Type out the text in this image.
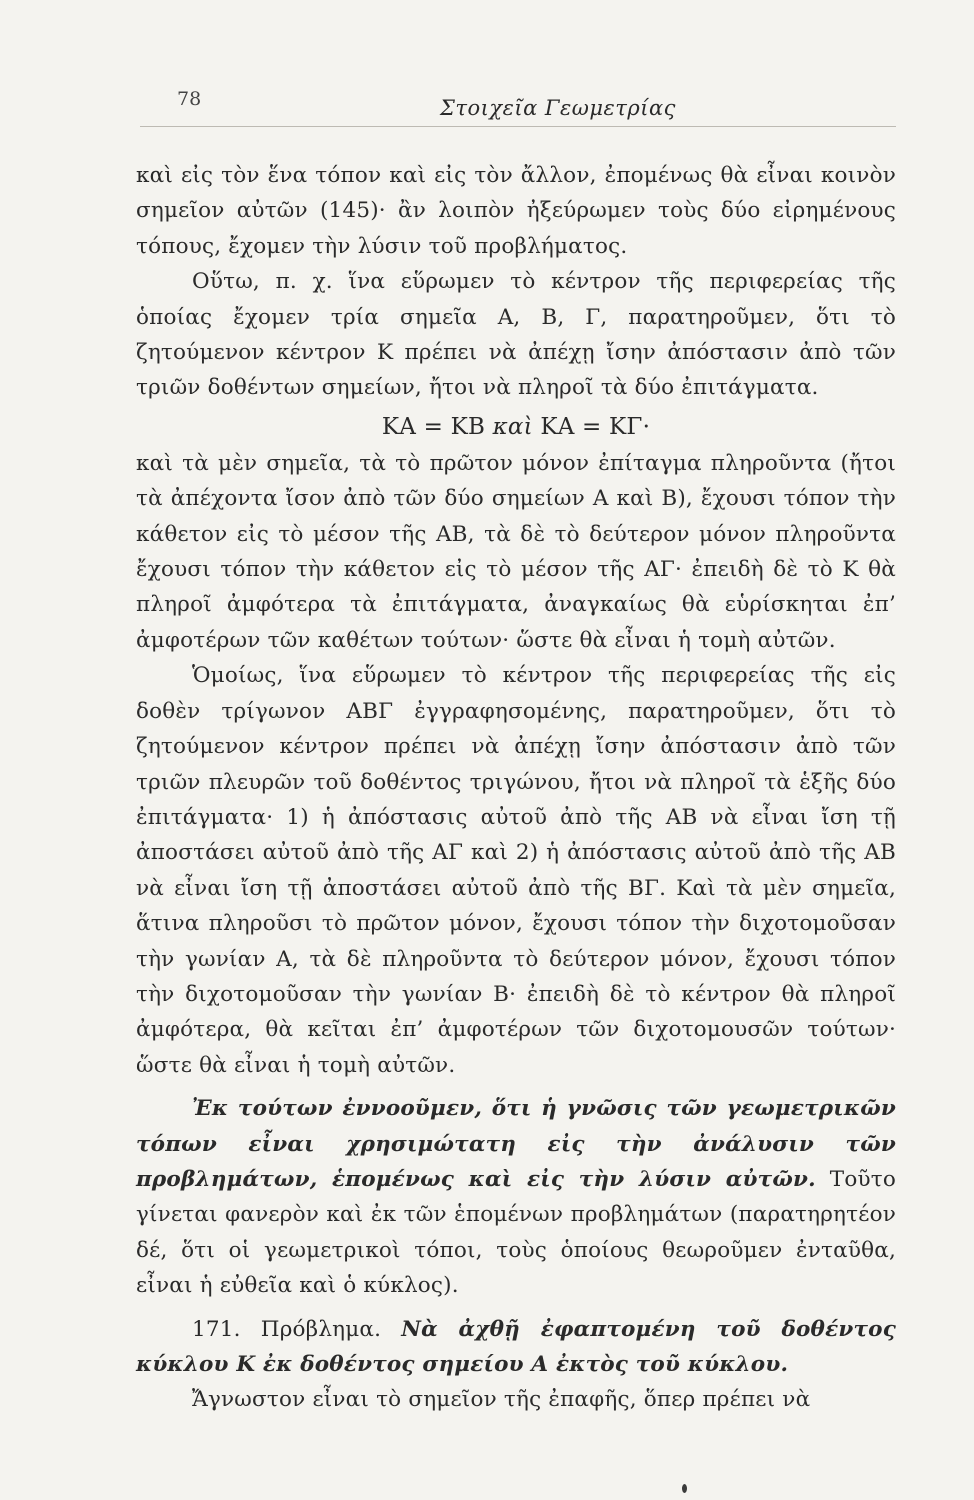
78	Στοιχεῖα Γεωμετρίας

καὶ εἰς τὸν ἕνα τόπον καὶ εἰς τὸν ἄλλον, ἐπομένως θὰ εἶναι κοινὸν σημεῖον αὐτῶν (145)· ἂν λοιπὸν ἠξεύρωμεν τοὺς δύο εἰρημένους τόπους, ἔχομεν τὴν λύσιν τοῦ προβλήματος.

Οὕτω, π. χ. ἵνα εὕρωμεν τὸ κέντρον τῆς περιφερείας τῆς ὁποίας ἔχομεν τρία σημεῖα Α, Β, Γ, παρατηροῦμεν, ὅτι τὸ ζητούμενον κέντρον Κ πρέπει νὰ ἀπέχῃ ἴσην ἀπόστασιν ἀπὸ τῶν τριῶν δοθέντων σημείων, ἤτοι νὰ πληροῖ τὰ δύο ἐπιτάγματα.

ΚΑ = ΚΒ καὶ ΚΑ = ΚΓ·

καὶ τὰ μὲν σημεῖα, τὰ τὸ πρῶτον μόνον ἐπίταγμα πληροῦντα (ἤτοι τὰ ἀπέχοντα ἴσον ἀπὸ τῶν δύο σημείων Α καὶ Β), ἔχουσι τόπον τὴν κάθετον εἰς τὸ μέσον τῆς ΑΒ, τὰ δὲ τὸ δεύτερον μόνον πληροῦντα ἔχουσι τόπον τὴν κάθετον εἰς τὸ μέσον τῆς ΑΓ· ἐπειδὴ δὲ τὸ Κ θὰ πληροῖ ἀμφότερα τὰ ἐπιτάγματα, ἀναγκαίως θὰ εὑρίσκηται ἐπ’ ἀμφοτέρων τῶν καθέτων τούτων· ὥστε θὰ εἶναι ἡ τομὴ αὐτῶν.

Ὁμοίως, ἵνα εὕρωμεν τὸ κέντρον τῆς περιφερείας τῆς εἰς δοθὲν τρίγωνον ΑΒΓ ἐγγραφησομένης, παρατηροῦμεν, ὅτι τὸ ζητούμενον κέντρον πρέπει νὰ ἀπέχῃ ἴσην ἀπόστασιν ἀπὸ τῶν τριῶν πλευρῶν τοῦ δοθέντος τριγώνου, ἤτοι νὰ πληροῖ τὰ ἑξῆς δύο ἐπιτάγματα· 1) ἡ ἀπόστασις αὐτοῦ ἀπὸ τῆς ΑΒ νὰ εἶναι ἴση τῇ ἀποστάσει αὐτοῦ ἀπὸ τῆς ΑΓ καὶ 2) ἡ ἀπόστασις αὐτοῦ ἀπὸ τῆς ΑΒ νὰ εἶναι ἴση τῇ ἀποστάσει αὐτοῦ ἀπὸ τῆς ΒΓ. Καὶ τὰ μὲν σημεῖα, ἅτινα πληροῦσι τὸ πρῶτον μόνον, ἔχουσι τόπον τὴν διχοτομοῦσαν τὴν γωνίαν Α, τὰ δὲ πληροῦντα τὸ δεύτερον μόνον, ἔχουσι τόπον τὴν διχοτομοῦσαν τὴν γωνίαν Β· ἐπειδὴ δὲ τὸ κέντρον θὰ πληροῖ ἀμφότερα, θὰ κεῖται ἐπ’ ἀμφοτέρων τῶν διχοτομουσῶν τούτων· ὥστε θὰ εἶναι ἡ τομὴ αὐτῶν.

Ἐκ τούτων ἐννοοῦμεν, ὅτι ἡ γνῶσις τῶν γεωμετρικῶν τόπων εἶναι χρησιμώτατη εἰς τὴν ἀνάλυσιν τῶν προβλημάτων, ἑπομένως καὶ εἰς τὴν λύσιν αὐτῶν. Τοῦτο γίνεται φανερὸν καὶ ἐκ τῶν ἑπομένων προβλημάτων (παρατηρητέον δέ, ὅτι οἱ γεωμετρικοὶ τόποι, τοὺς ὁποίους θεωροῦμεν ἐνταῦθα, εἶναι ἡ εὐθεῖα καὶ ὁ κύκλος).

171. Πρόβλημα. Νὰ ἀχθῇ ἐφαπτομένη τοῦ δοθέντος κύκλου Κ ἐκ δοθέντος σημείου Α ἐκτὸς τοῦ κύκλου.

Ἄγνωστον εἶναι τὸ σημεῖον τῆς ἐπαφῆς, ὅπερ πρέπει νὰ
